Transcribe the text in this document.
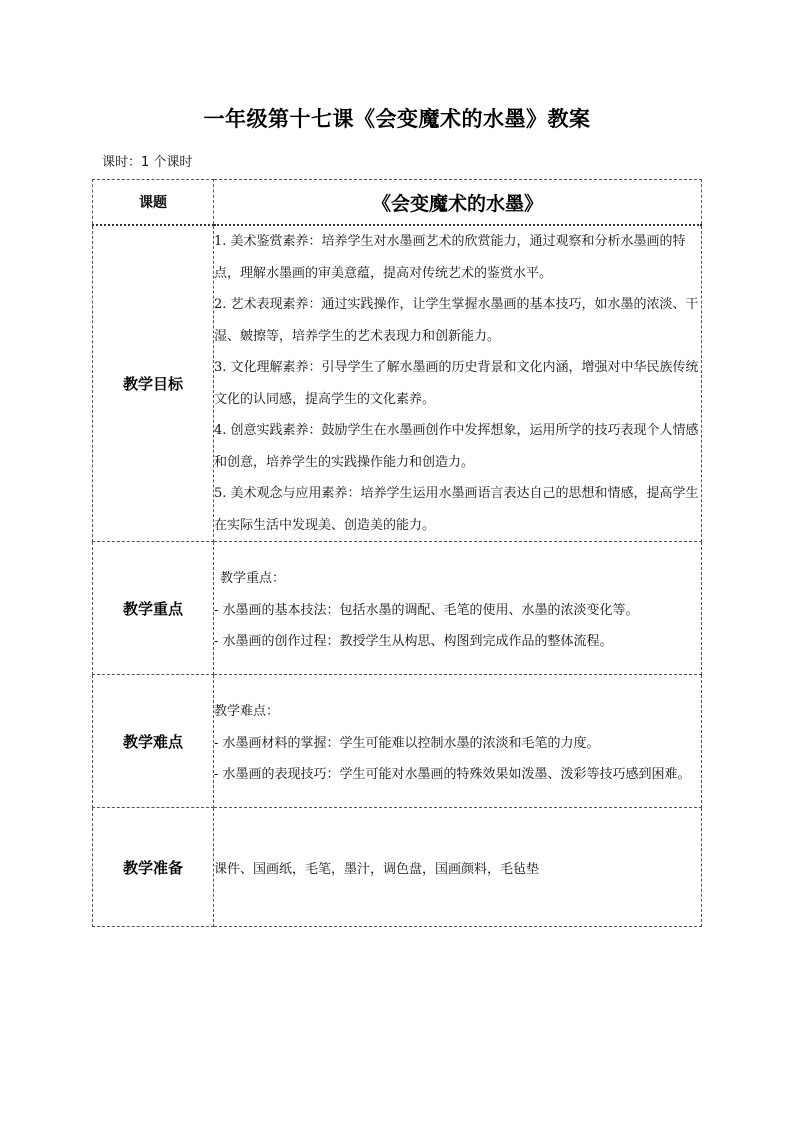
一年级第十七课《会变魔术的水墨》教案
课时：1 个课时
课题	《会变魔术的水墨》
教学目标	1. 美术鉴赏素养：培养学生对水墨画艺术的欣赏能力，通过观察和分析水墨画的特点，理解水墨画的审美意蕴，提高对传统艺术的鉴赏水平。

2. 艺术表现素养：通过实践操作，让学生掌握水墨画的基本技巧，如水墨的浓淡、干湿、皴擦等，培养学生的艺术表现力和创新能力。

3. 文化理解素养：引导学生了解水墨画的历史背景和文化内涵，增强对中华民族传统文化的认同感，提高学生的文化素养。

4. 创意实践素养：鼓励学生在水墨画创作中发挥想象，运用所学的技巧表现个人情感和创意，培养学生的实践操作能力和创造力。

5. 美术观念与应用素养：培养学生运用水墨画语言表达自己的思想和情感，提高学生在实际生活中发现美、创造美的能力。

教学重点	教学重点：

- 水墨画的基本技法：包括水墨的调配、毛笔的使用、水墨的浓淡变化等。

- 水墨画的创作过程：教授学生从构思、构图到完成作品的整体流程。

教学难点	教学难点：

- 水墨画材料的掌握：学生可能难以控制水墨的浓淡和毛笔的力度。

- 水墨画的表现技巧：学生可能对水墨画的特殊效果如泼墨、泼彩等技巧感到困难。

教学准备	课件、国画纸，毛笔，墨汁，调色盘，国画颜料，毛毡垫
